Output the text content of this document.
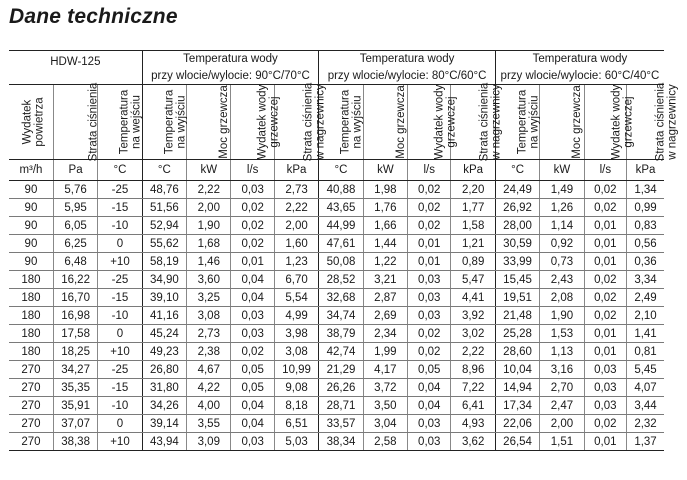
Dane techniczne
HDW-125			Temperatura wody				Temperatura wody				Temperatura wody			
			przy wlocie/wylocie: 90°C/70°C				przy wlocie/wylocie: 80°C/60°C				przy wlocie/wylocie: 60°C/40°C			

Wydatek powietrza	Strata ciśnienia	Temperatura na wejściu	Temperatura na wyjściu	Moc grzewcza	Wydatek wody grzewczej	Strata ciśnienia w nagrzewnicy	Temperatura na wyjściu	Moc grzewcza	Wydatek wody grzewczej	Strata ciśnienia w nagrzewnicy	Temperatura na wyjściu	Moc grzewcza	Wydatek wody grzewczej	Strata ciśnienia w nagrzewnicy

m³/h	Pa	°C	°C	kW	l/s	kPa	°C	kW	l/s	kPa	°C	kW	l/s	kPa
90	5,76	-25	48,76	2,22	0,03	2,73	40,88	1,98	0,02	2,20	24,49	1,49	0,02	1,34
90	5,95	-15	51,56	2,00	0,02	2,22	43,65	1,76	0,02	1,77	26,92	1,26	0,02	0,99
90	6,05	-10	52,94	1,90	0,02	2,00	44,99	1,66	0,02	1,58	28,00	1,14	0,01	0,83
90	6,25	0	55,62	1,68	0,02	1,60	47,61	1,44	0,01	1,21	30,59	0,92	0,01	0,56
90	6,48	+10	58,19	1,46	0,01	1,23	50,08	1,22	0,01	0,89	33,99	0,73	0,01	0,36
180	16,22	-25	34,90	3,60	0,04	6,70	28,52	3,21	0,03	5,47	15,45	2,43	0,02	3,34
180	16,70	-15	39,10	3,25	0,04	5,54	32,68	2,87	0,03	4,41	19,51	2,08	0,02	2,49
180	16,98	-10	41,16	3,08	0,03	4,99	34,74	2,69	0,03	3,92	21,48	1,90	0,02	2,10
180	17,58	0	45,24	2,73	0,03	3,98	38,79	2,34	0,02	3,02	25,28	1,53	0,01	1,41
180	18,25	+10	49,23	2,38	0,02	3,08	42,74	1,99	0,02	2,22	28,60	1,13	0,01	0,81
270	34,27	-25	26,80	4,67	0,05	10,99	21,29	4,17	0,05	8,96	10,04	3,16	0,03	5,45
270	35,35	-15	31,80	4,22	0,05	9,08	26,26	3,72	0,04	7,22	14,94	2,70	0,03	4,07
270	35,91	-10	34,26	4,00	0,04	8,18	28,71	3,50	0,04	6,41	17,34	2,47	0,03	3,44
270	37,07	0	39,14	3,55	0,04	6,51	33,57	3,04	0,03	4,93	22,06	2,00	0,02	2,32
270	38,38	+10	43,94	3,09	0,03	5,03	38,34	2,58	0,03	3,62	26,54	1,51	0,01	1,37
